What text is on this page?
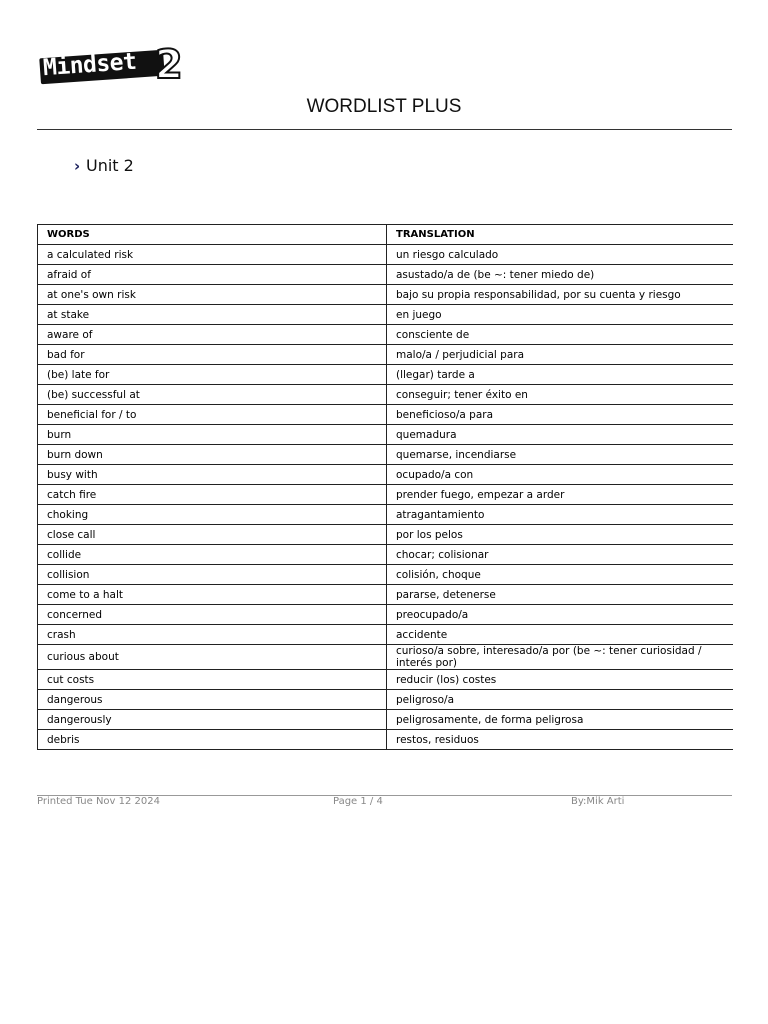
Mindset 2
WORDLIST PLUS
› Unit 2
WORDS	TRANSLATION
a calculated risk	un riesgo calculado
afraid of	asustado/a de (be ~: tener miedo de)
at one's own risk	bajo su propia responsabilidad, por su cuenta y riesgo
at stake	en juego
aware of	consciente de
bad for	malo/a / perjudicial para
(be) late for	(llegar) tarde a
(be) successful at	conseguir; tener éxito en
beneficial for / to	beneficioso/a para
burn	quemadura
burn down	quemarse, incendiarse
busy with	ocupado/a con
catch fire	prender fuego, empezar a arder
choking	atragantamiento
close call	por los pelos
collide	chocar; colisionar
collision	colisión, choque
come to a halt	pararse, detenerse
concerned	preocupado/a
crash	accidente
curious about	curioso/a sobre, interesado/a por (be ~: tener curiosidad / interés por)
cut costs	reducir (los) costes
dangerous	peligroso/a
dangerously	peligrosamente, de forma peligrosa
debris	restos, residuos
Printed Tue Nov 12 2024	Page 1 / 4	By:Mik Arti
